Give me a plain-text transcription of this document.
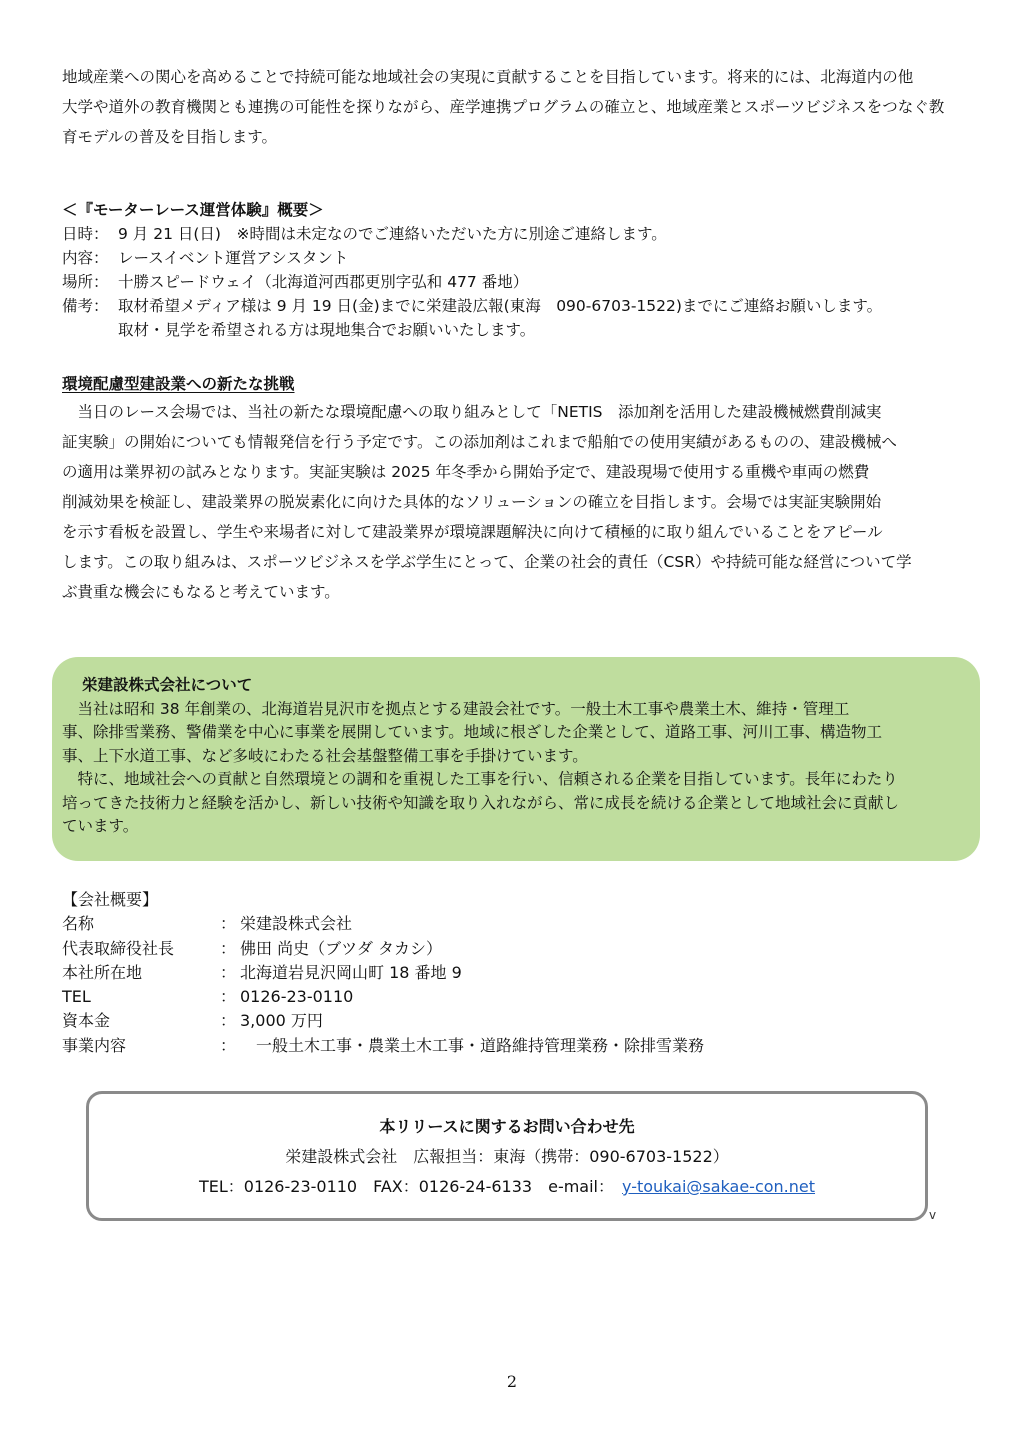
地域産業への関心を高めることで持続可能な地域社会の実現に貢献することを目指しています。将来的には、北海道内の他

大学や道外の教育機関とも連携の可能性を探りながら、産学連携プログラムの確立と、地域産業とスポーツビジネスをつなぐ教

育モデルの普及を目指します。

＜『モーターレース運営体験』概要＞
日時： 9 月 21 日(日)　※時間は未定なのでご連絡いただいた方に別途ご連絡します。
内容： レースイベント運営アシスタント
場所： 十勝スピードウェイ（北海道河西郡更別字弘和 477 番地）
備考： 取材希望メディア様は 9 月 19 日(金)までに栄建設広報(東海　090-6703-1522)までにご連絡お願いします。
取材・見学を希望される方は現地集合でお願いいたします。
環境配慮型建設業への新たな挑戦

当日のレース会場では、当社の新たな環境配慮への取り組みとして「NETIS　添加剤を活用した建設機械燃費削減実

証実験」の開始についても情報発信を行う予定です。この添加剤はこれまで船舶での使用実績があるものの、建設機械へ

の適用は業界初の試みとなります。実証実験は 2025 年冬季から開始予定で、建設現場で使用する重機や車両の燃費

削減効果を検証し、建設業界の脱炭素化に向けた具体的なソリューションの確立を目指します。会場では実証実験開始

を示す看板を設置し、学生や来場者に対して建設業界が環境課題解決に向けて積極的に取り組んでいることをアピール

します。この取り組みは、スポーツビジネスを学ぶ学生にとって、企業の社会的責任（CSR）や持続可能な経営について学

ぶ貴重な機会にもなると考えています。

栄建設株式会社について
当社は昭和 38 年創業の、北海道岩見沢市を拠点とする建設会社です。一般土木工事や農業土木、維持・管理工
事、除排雪業務、警備業を中心に事業を展開しています。地域に根ざした企業として、道路工事、河川工事、構造物工
事、上下水道工事、など多岐にわたる社会基盤整備工事を手掛けています。
特に、地域社会への貢献と自然環境との調和を重視した工事を行い、信頼される企業を目指しています。長年にわたり
培ってきた技術力と経験を活かし、新しい技術や知識を取り入れながら、常に成長を続ける企業として地域社会に貢献し
ています。
【会社概要】
名称	： 栄建設株式会社
代表取締役社長	： 佛田 尚史（ブツダ タカシ）
本社所在地	： 北海道岩見沢岡山町 18 番地 9
TEL	： 0126-23-0110
資本金	： 3,000 万円
事業内容	： 　一般土木工事・農業土木工事・道路維持管理業務・除排雪業務
本リリースに関するお問い合わせ先
栄建設株式会社　広報担当：東海（携帯：090-6703-1522）
TEL：0126-23-0110　FAX：0126-24-6133　e-mail：　y-toukai@sakae-con.net
v
2
